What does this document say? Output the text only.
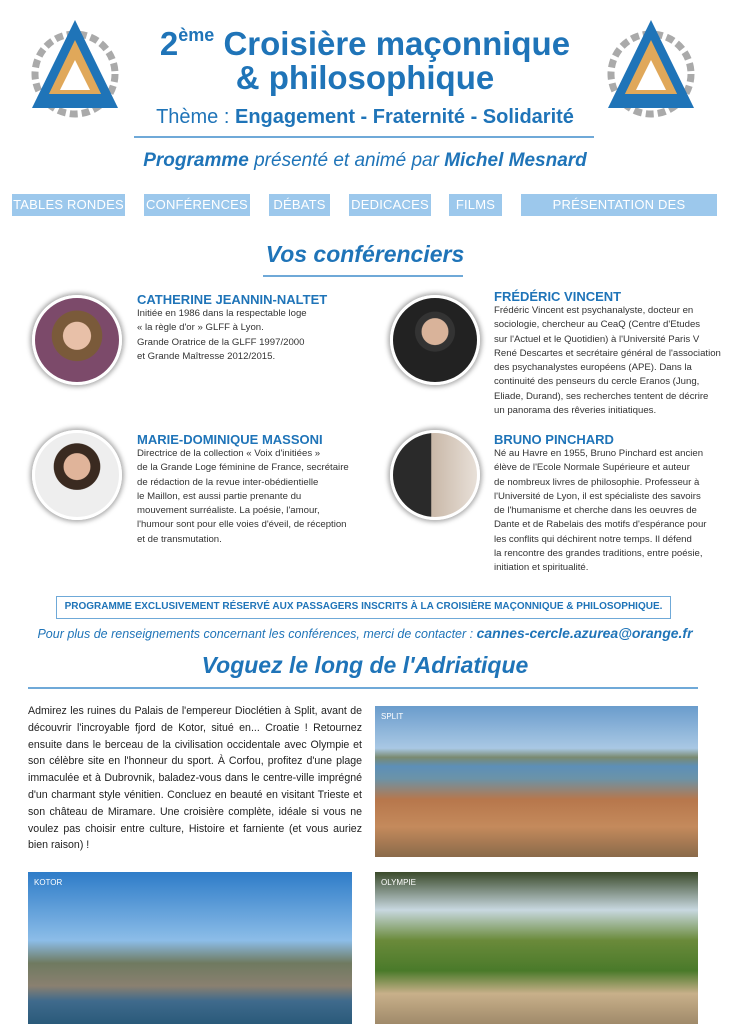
2ème Croisière maçonnique
& philosophique
Thème : Engagement - Fraternité - Solidarité
Programme présenté et animé par Michel Mesnard
TABLES RONDES CONFÉRENCES	DÉBATS	DEDICACES	FILMS	PRÉSENTATION DES ESCALES
Vos conférenciers
CATHERINE JEANNIN-NALTET
Initiée en 1986 dans la respectable loge
« la règle d'or » GLFF à Lyon.
Grande Oratrice de la GLFF 1997/2000
et Grande Maîtresse 2012/2015.
FRÉDÉRIC VINCENT
Frédéric Vincent est psychanalyste, docteur en
sociologie, chercheur au CeaQ (Centre d'Etudes
sur l'Actuel et le Quotidien) à l'Université Paris V
René Descartes et secrétaire général de l'association
des psychanalystes européens (APE). Dans la
continuité des penseurs du cercle Eranos (Jung,
Eliade, Durand), ses recherches tentent de décrire
un panorama des rêveries initiatiques.
MARIE-DOMINIQUE MASSONI
Directrice de la collection « Voix d'initiées »
de la Grande Loge féminine de France, secrétaire
de rédaction de la revue inter-obédientielle
le Maillon, est aussi partie prenante du
mouvement surréaliste. La poésie, l'amour,
l'humour sont pour elle voies d'éveil, de réception
et de transmutation.
BRUNO PINCHARD
Né au Havre en 1955, Bruno Pinchard est ancien
élève de l'Ecole Normale Supérieure et auteur
de nombreux livres de philosophie. Professeur à
l'Université de Lyon, il est spécialiste des savoirs
de l'humanisme et cherche dans les oeuvres de
Dante et de Rabelais des motifs d'espérance pour
les conflits qui déchirent notre temps. Il défend
la rencontre des grandes traditions, entre poésie,
initiation et spiritualité.
PROGRAMME EXCLUSIVEMENT RÉSERVÉ AUX PASSAGERS INSCRITS À LA CROISIÈRE MAÇONNIQUE & PHILOSOPHIQUE.
Pour plus de renseignements concernant les conférences, merci de contacter : cannes-cercle.azurea@orange.fr
Voguez le long de l'Adriatique
Admirez les ruines du Palais de l'empereur Dioclétien à Split, avant de découvrir l'incroyable fjord de Kotor, situé en... Croatie ! Retournez ensuite dans le berceau de la civilisation occidentale avec Olympie et son célèbre site en l'honneur du sport. À Corfou, profitez d'une plage immaculée et à Dubrovnik, baladez-vous dans le centre-ville imprégné d'un charmant style vénitien. Concluez en beauté en visitant Trieste et son château de Miramare. Une croisière complète, idéale si vous ne voulez pas choisir entre culture, Histoire et farniente (et vous auriez bien raison) !
SPLIT
KOTOR	OLYMPIE
